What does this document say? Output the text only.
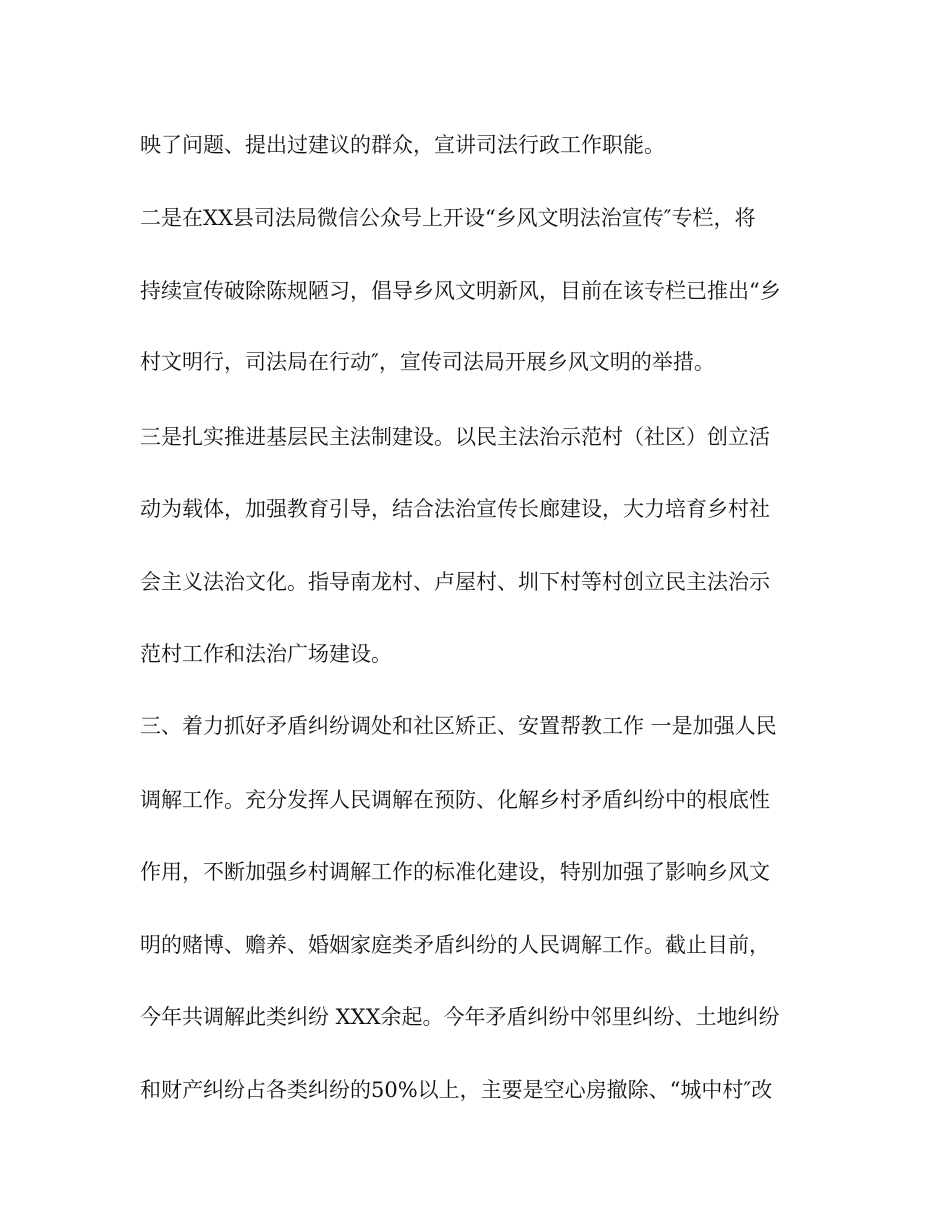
映了问题、提出过建议的群众，宣讲司法行政工作职能。
二是在XX县司法局微信公众号上开设“乡风文明法治宣传″专栏，将
持续宣传破除陈规陋习，倡导乡风文明新风，目前在该专栏已推出“乡
村文明行，司法局在行动″，宣传司法局开展乡风文明的举措。
三是扎实推进基层民主法制建设。以民主法治示范村（社区）创立活
动为载体，加强教育引导，结合法治宣传长廊建设，大力培育乡村社
会主义法治文化。指导南龙村、卢屋村、圳下村等村创立民主法治示
范村工作和法治广场建设。
三、着力抓好矛盾纠纷调处和社区矫正、安置帮教工作 一是加强人民
调解工作。充分发挥人民调解在预防、化解乡村矛盾纠纷中的根底性
作用，不断加强乡村调解工作的标准化建设，特别加强了影响乡风文
明的赌博、赡养、婚姻家庭类矛盾纠纷的人民调解工作。截止目前，
今年共调解此类纠纷 XXX余起。今年矛盾纠纷中邻里纠纷、土地纠纷
和财产纠纷占各类纠纷的50%以上，主要是空心房撤除、“城中村″改
